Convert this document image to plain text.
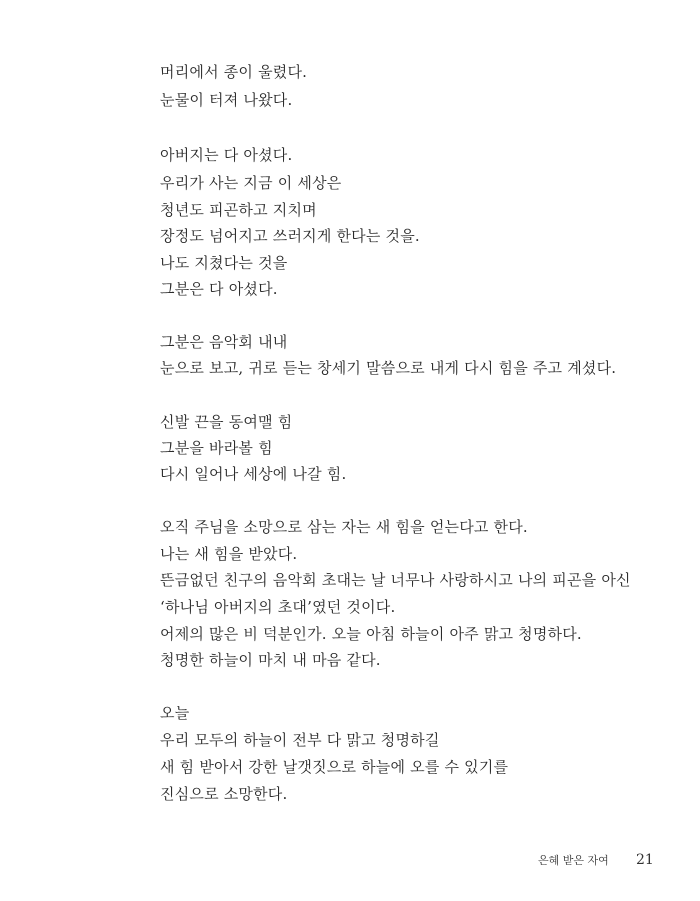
머리에서 종이 울렸다.
눈물이 터져 나왔다.
아버지는 다 아셨다.
우리가 사는 지금 이 세상은
청년도 피곤하고 지치며
장정도 넘어지고 쓰러지게 한다는 것을.
나도 지쳤다는 것을
그분은 다 아셨다.
그분은 음악회 내내
눈으로 보고, 귀로 듣는 창세기 말씀으로 내게 다시 힘을 주고 계셨다.
신발 끈을 동여맬 힘
그분을 바라볼 힘
다시 일어나 세상에 나갈 힘.
오직 주님을 소망으로 삼는 자는 새 힘을 얻는다고 한다.
나는 새 힘을 받았다.
뜬금없던 친구의 음악회 초대는 날 너무나 사랑하시고 나의 피곤을 아신
‘하나님 아버지의 초대’였던 것이다.
어제의 많은 비 덕분인가. 오늘 아침 하늘이 아주 맑고 청명하다.
청명한 하늘이 마치 내 마음 같다.
오늘
우리 모두의 하늘이 전부 다 맑고 청명하길
새 힘 받아서 강한 날갯짓으로 하늘에 오를 수 있기를
진심으로 소망한다.
은혜 받은 자여 21
